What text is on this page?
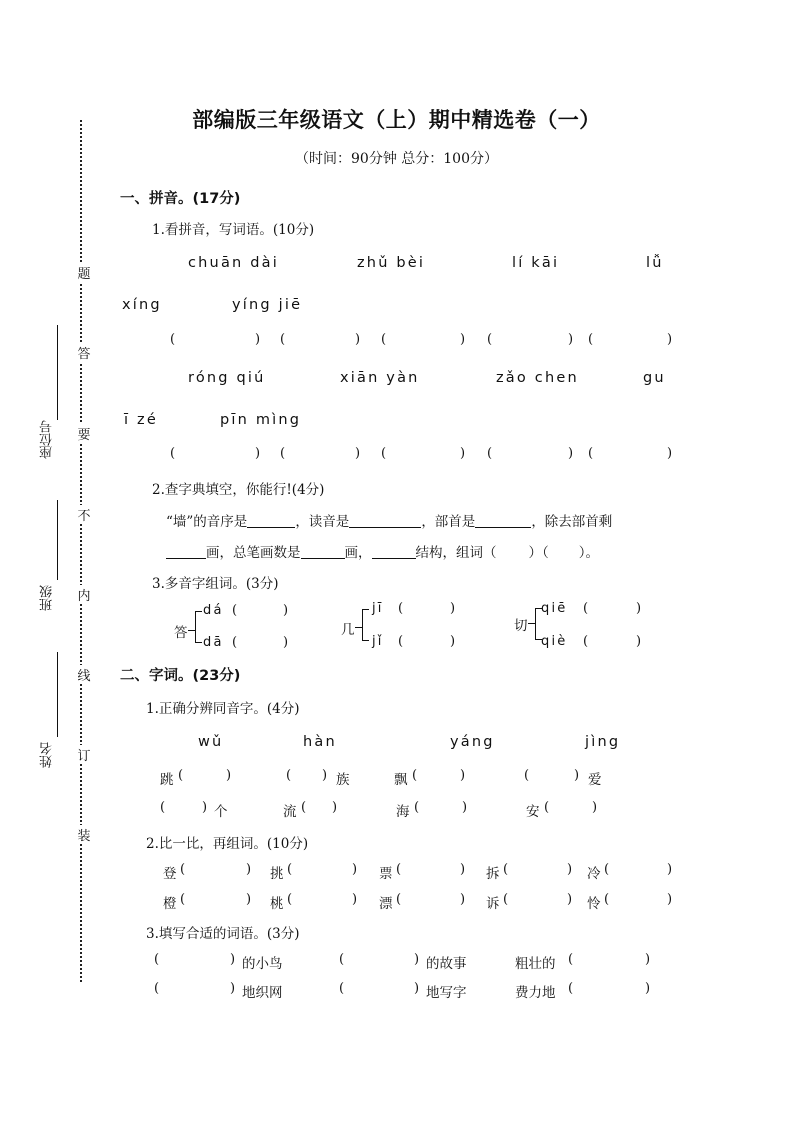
座位号
班级
姓名
题
答
要
不
内
线
订
装
部编版三年级语文（上）期中精选卷（一）
（时间：90分钟 总分：100分）
一、拼音。(17分)
1.看拼音，写词语。(10分)
chuān dài	zhǔ bèi	lí kāi	lǚ
xíng	yíng jiē
(	) (	) (	) (	) (	)
róng qiú	xiān yàn	zǎo chen	gu
ī zé	pīn mìng
(	) (	) (	) (	) (	)
2.查字典填空，你能行!(4分)
“墙”的音序是	，读音是	，部首是	，除去部首剩
画，总笔画数是	画，	结构，组词（ ）（ ）。
3.多音字组词。(3分)
答
dá (	)
dā (	)
几
jī (	)
jǐ (	)
切
qiē (	)
qiè (	)
二、字词。(23分)
1.正确分辨同音字。(4分)
wǔ	hàn	yáng	jìng
跳 (	)	( ) 族	飘 (	)	(	) 爱
(	) 个	流 ( )	海 (	)	安 (	)
2.比一比，再组词。(10分)
登 (	) 挑 (	) 票 (	) 拆 (	) 冷 (	)
橙 (	) 桃 (	) 漂 (	) 诉 (	) 怜 (	)
3.填写合适的词语。(3分)
(	) 的小鸟	(	) 的故事	粗壮的 (	)
(	) 地织网	(	) 地写字	费力地 (	)
